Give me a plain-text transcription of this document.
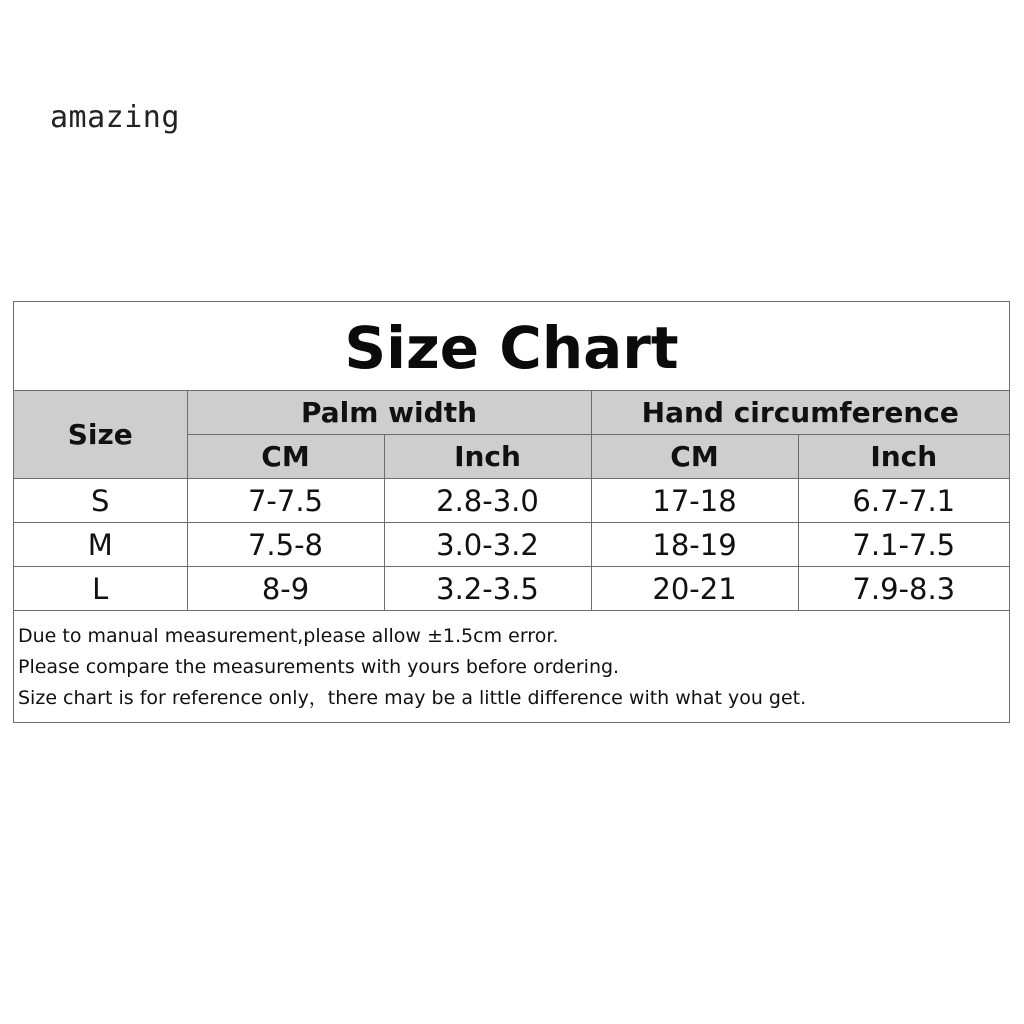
amazing
Size Chart
Size	Palm width		Hand circumference	
	CM	Inch	CM	Inch
S	7-7.5	2.8-3.0	17-18	6.7-7.1
M	7.5-8	3.0-3.2	18-19	7.1-7.5
L	8-9	3.2-3.5	20-21	7.9-8.3
Due to manual measurement,please allow ±1.5cm error.
Please compare the measurements with yours before ordering.
Size chart is for reference only，there may be a little difference with what you get.
